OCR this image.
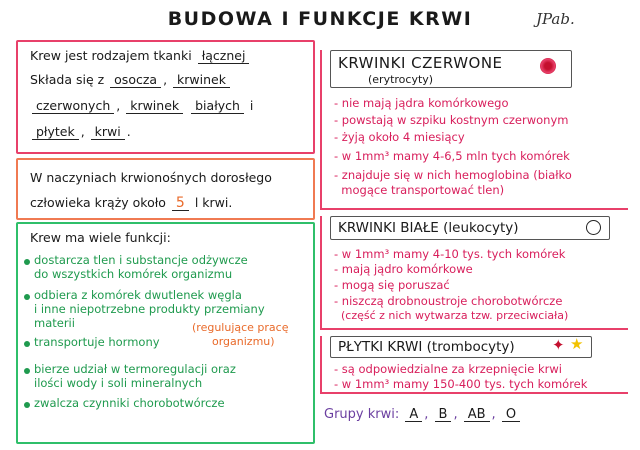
BUDOWA I FUNKCJE KRWI	JPab.
Krew jest rodzajem tkanki łącznej
Składa się z osocza , krwinek
czerwonych , krwinek białych i
płytek , krwi .
W naczyniach krwionośnych dorosłego
człowieka krąży około 5 l krwi.
Krew ma wiele funkcji:
dostarcza tlen i substancje odżywcze
do wszystkich komórek organizmu
odbiera z komórek dwutlenek węgla
i inne niepotrzebne produkty przemiany
materii
transportuje hormony
(regulujące pracę
organizmu)
bierze udział w termoregulacji oraz
ilości wody i soli mineralnych
zwalcza czynniki chorobotwórcze
KRWINKI CZERWONE
(erytrocyty)
- nie mają jądra komórkowego
- powstają w szpiku kostnym czerwonym
- żyją około 4 miesiący
- w 1mm³ mamy 4-6,5 mln tych komórek
- znajduje się w nich hemoglobina (białko
mogące transportować tlen)
KRWINKI BIAŁE (leukocyty)
- w 1mm³ mamy 4-10 tys. tych komórek
- mają jądro komórkowe
- mogą się poruszać
- niszczą drobnoustroje chorobotwórcze
(część z nich wytwarza tzw. przeciwciała)
PŁYTKI KRWI (trombocyty) ✦ ★
- są odpowiedzialne za krzepnięcie krwi
- w 1mm³ mamy 150-400 tys. tych komórek
Grupy krwi: A , B , AB , O
